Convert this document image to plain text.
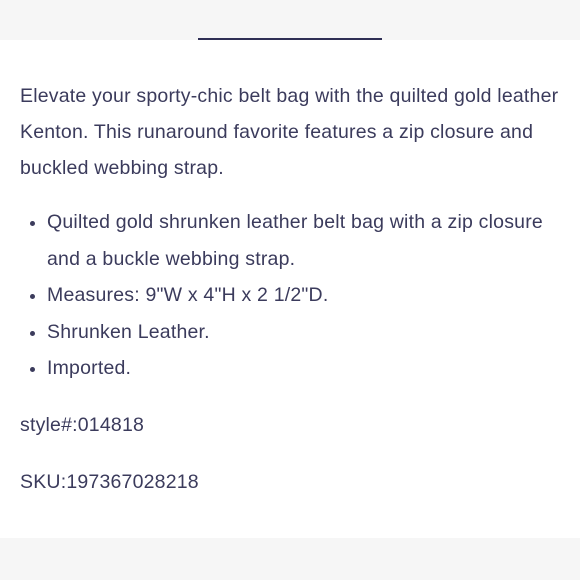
Elevate your sporty-chic belt bag with the quilted gold leather Kenton. This runaround favorite features a zip closure and buckled webbing strap.

• Quilted gold shrunken leather belt bag with a zip closure and a buckle webbing strap.
• Measures: 9"W x 4"H x 2 1/2"D.
• Shrunken Leather.
• Imported.

style#:014818

SKU:197367028218
